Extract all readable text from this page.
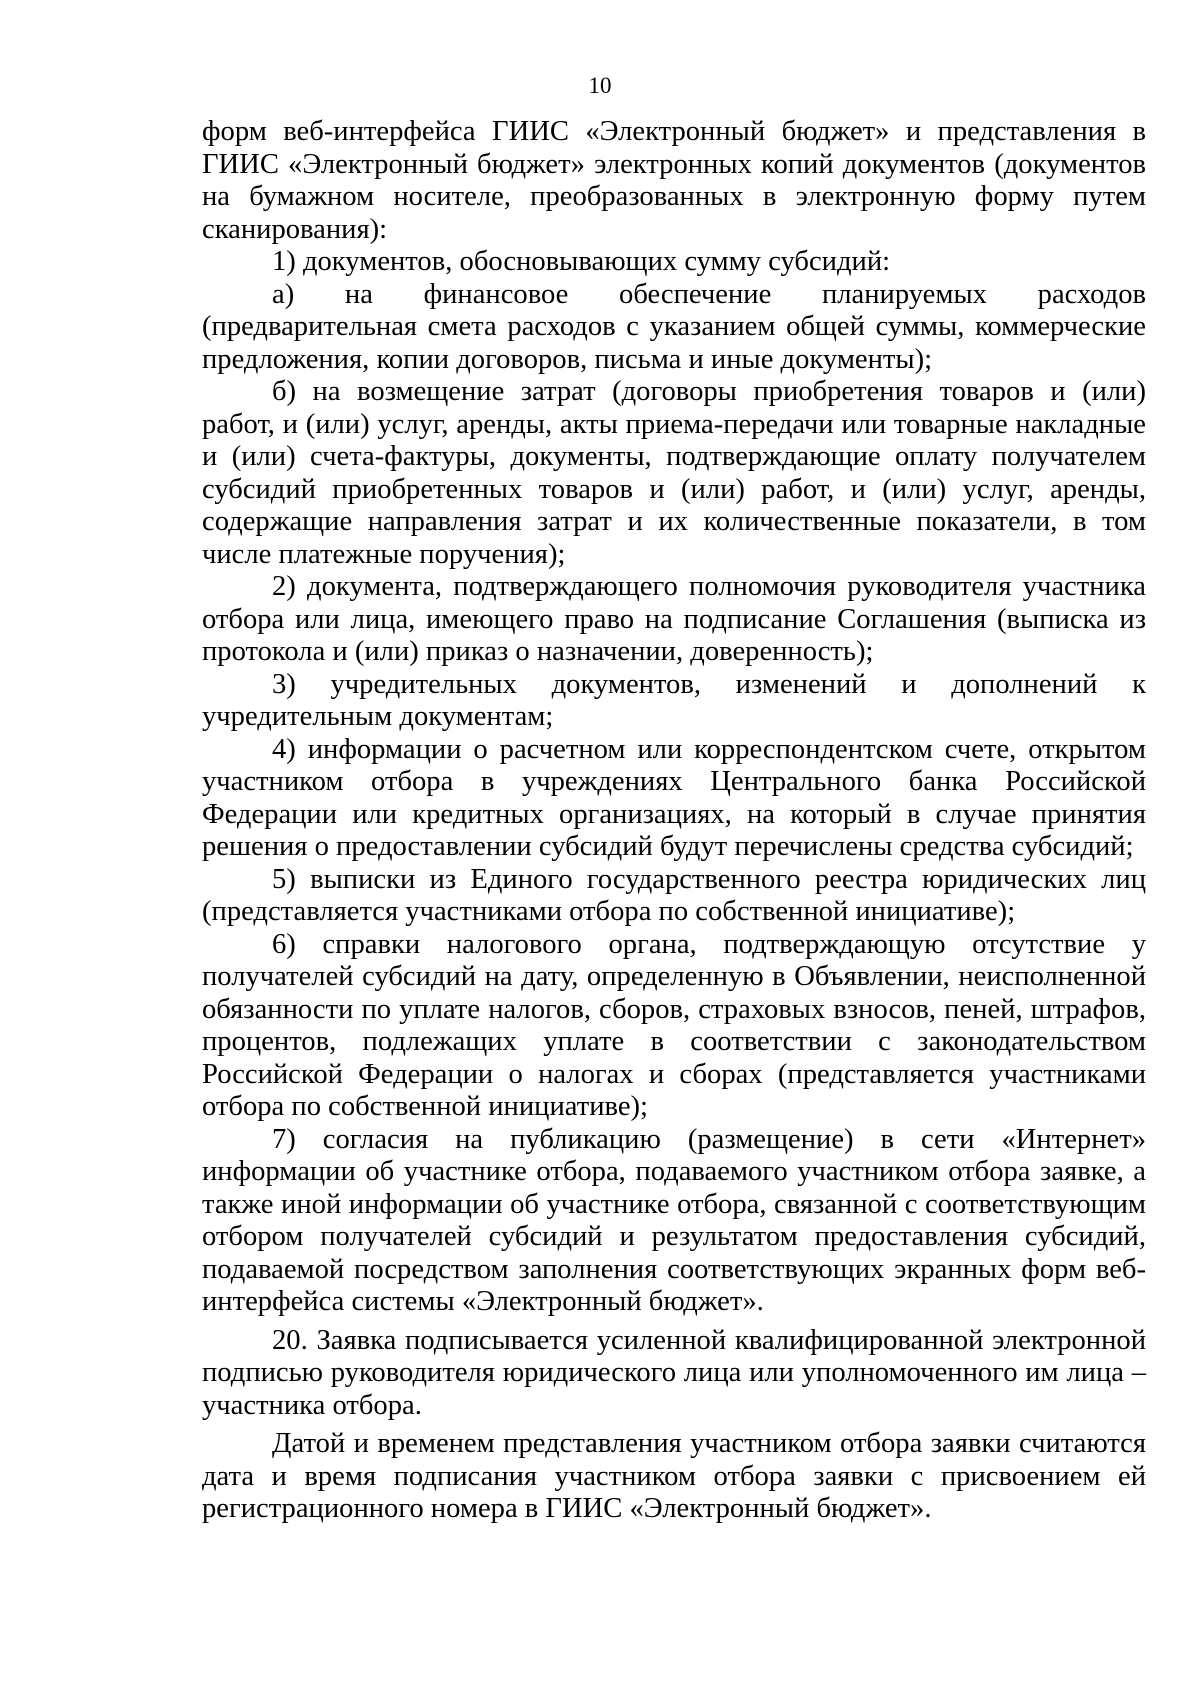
10

форм веб-интерфейса ГИИС «Электронный бюджет» и представления в ГИИС «Электронный бюджет» электронных копий документов (документов на бумажном носителе, преобразованных в электронную форму путем сканирования):

1) документов, обосновывающих сумму субсидий:

а) на финансовое обеспечение планируемых расходов (предварительная смета расходов с указанием общей суммы, коммерческие предложения, копии договоров, письма и иные документы);

б) на возмещение затрат (договоры приобретения товаров и (или) работ, и (или) услуг, аренды, акты приема-передачи или товарные накладные и (или) счета-фактуры, документы, подтверждающие оплату получателем субсидий приобретенных товаров и (или) работ, и (или) услуг, аренды, содержащие направления затрат и их количественные показатели, в том числе платежные поручения);

2) документа, подтверждающего полномочия руководителя участника отбора или лица, имеющего право на подписание Соглашения (выписка из протокола и (или) приказ о назначении, доверенность);

3) учредительных документов, изменений и дополнений к учредительным документам;

4) информации о расчетном или корреспондентском счете, открытом участником отбора в учреждениях Центрального банка Российской Федерации или кредитных организациях, на который в случае принятия решения о предоставлении субсидий будут перечислены средства субсидий;

5) выписки из Единого государственного реестра юридических лиц (представляется участниками отбора по собственной инициативе);

6) справки налогового органа, подтверждающую отсутствие у получателей субсидий на дату, определенную в Объявлении, неисполненной обязанности по уплате налогов, сборов, страховых взносов, пеней, штрафов, процентов, подлежащих уплате в соответствии с законодательством Российской Федерации о налогах и сборах (представляется участниками отбора по собственной инициативе);

7) согласия на публикацию (размещение) в сети «Интернет» информации об участнике отбора, подаваемого участником отбора заявке, а также иной информации об участнике отбора, связанной с соответствующим отбором получателей субсидий и результатом предоставления субсидий, подаваемой посредством заполнения соответствующих экранных форм веб-интерфейса системы «Электронный бюджет».

20. Заявка подписывается усиленной квалифицированной электронной подписью руководителя юридического лица или уполномоченного им лица – участника отбора.

Датой и временем представления участником отбора заявки считаются дата и время подписания участником отбора заявки с присвоением ей регистрационного номера в ГИИС «Электронный бюджет».
